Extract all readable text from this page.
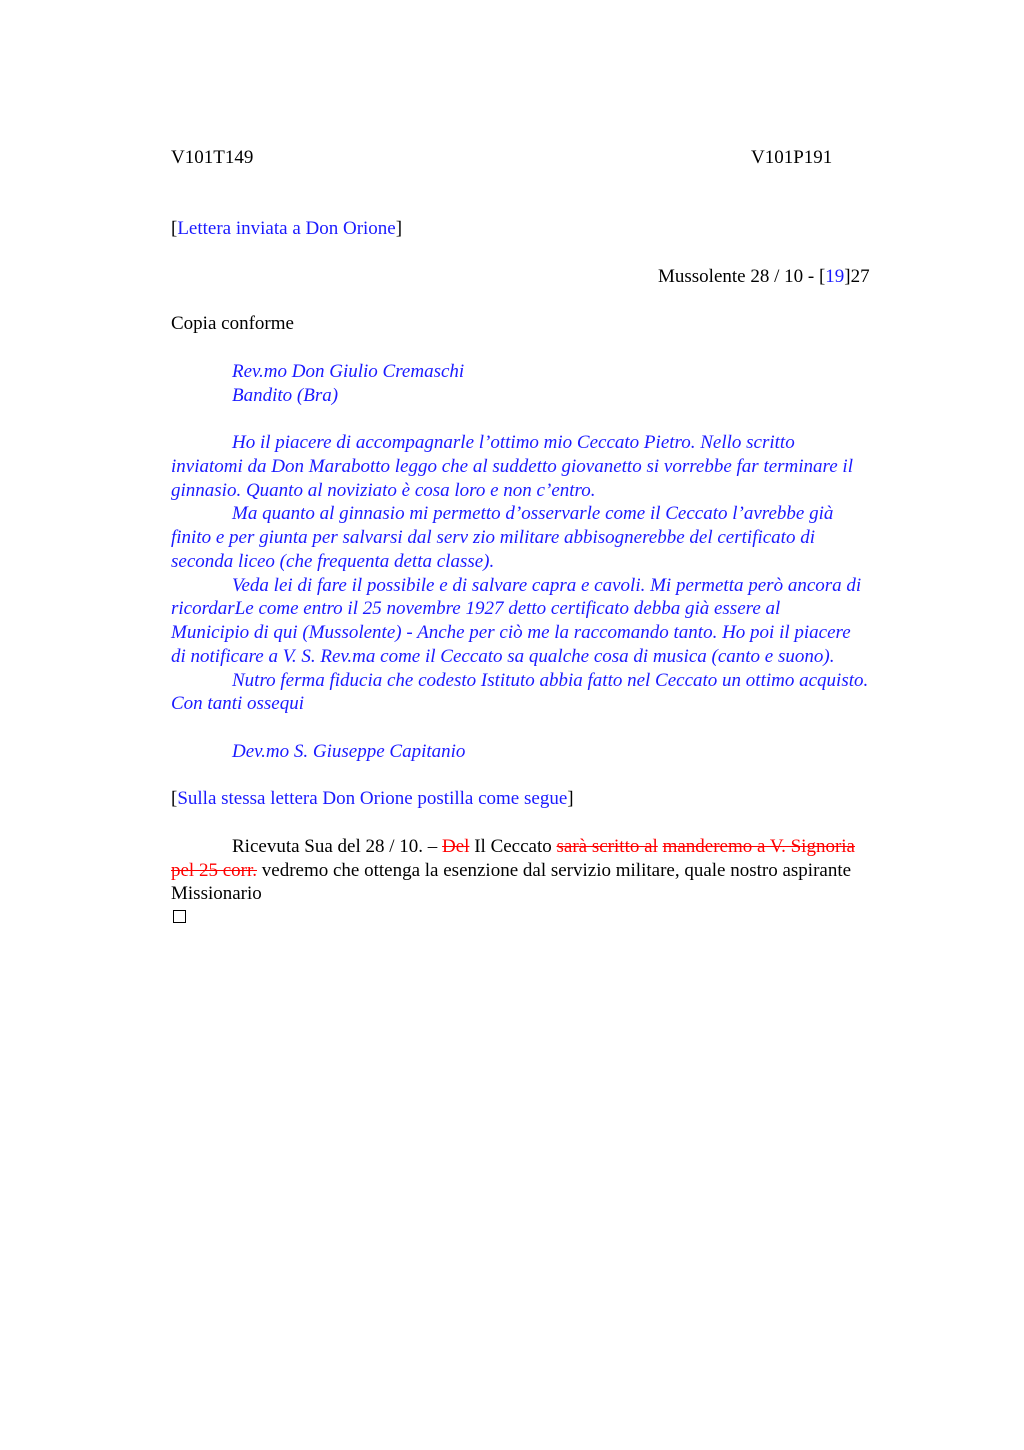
V101T149	V101P191
[Lettera inviata a Don Orione]
Mussolente 28 / 10 - [19]27
Copia conforme
Rev.mo Don Giulio Cremaschi
Bandito (Bra)
Ho il piacere di accompagnarle l’ottimo mio Ceccato Pietro. Nello scritto
inviatomi da Don Marabotto leggo che al suddetto giovanetto si vorrebbe far terminare il
ginnasio. Quanto al noviziato è cosa loro e non c’entro.
Ma quanto al ginnasio mi permetto d’osservarle come il Ceccato l’avrebbe già
finito e per giunta per salvarsi dal serv zio militare abbisognerebbe del certificato di
seconda liceo (che frequenta detta classe).
Veda lei di fare il possibile e di salvare capra e cavoli. Mi permetta però ancora di
ricordarLe come entro il 25 novembre 1927 detto certificato debba già essere al
Municipio di qui (Mussolente) - Anche per ciò me la raccomando tanto. Ho poi il piacere
di notificare a V. S. Rev.ma come il Ceccato sa qualche cosa di musica (canto e suono).
Nutro ferma fiducia che codesto Istituto abbia fatto nel Ceccato un ottimo acquisto.
Con tanti ossequi
Dev.mo S. Giuseppe Capitanio
[Sulla stessa lettera Don Orione postilla come segue]
Ricevuta Sua del 28 / 10. – Del Il Ceccato sarà scritto al manderemo a V. Signoria
pel 25 corr. vedremo che ottenga la esenzione dal servizio militare, quale nostro aspirante
Missionario
